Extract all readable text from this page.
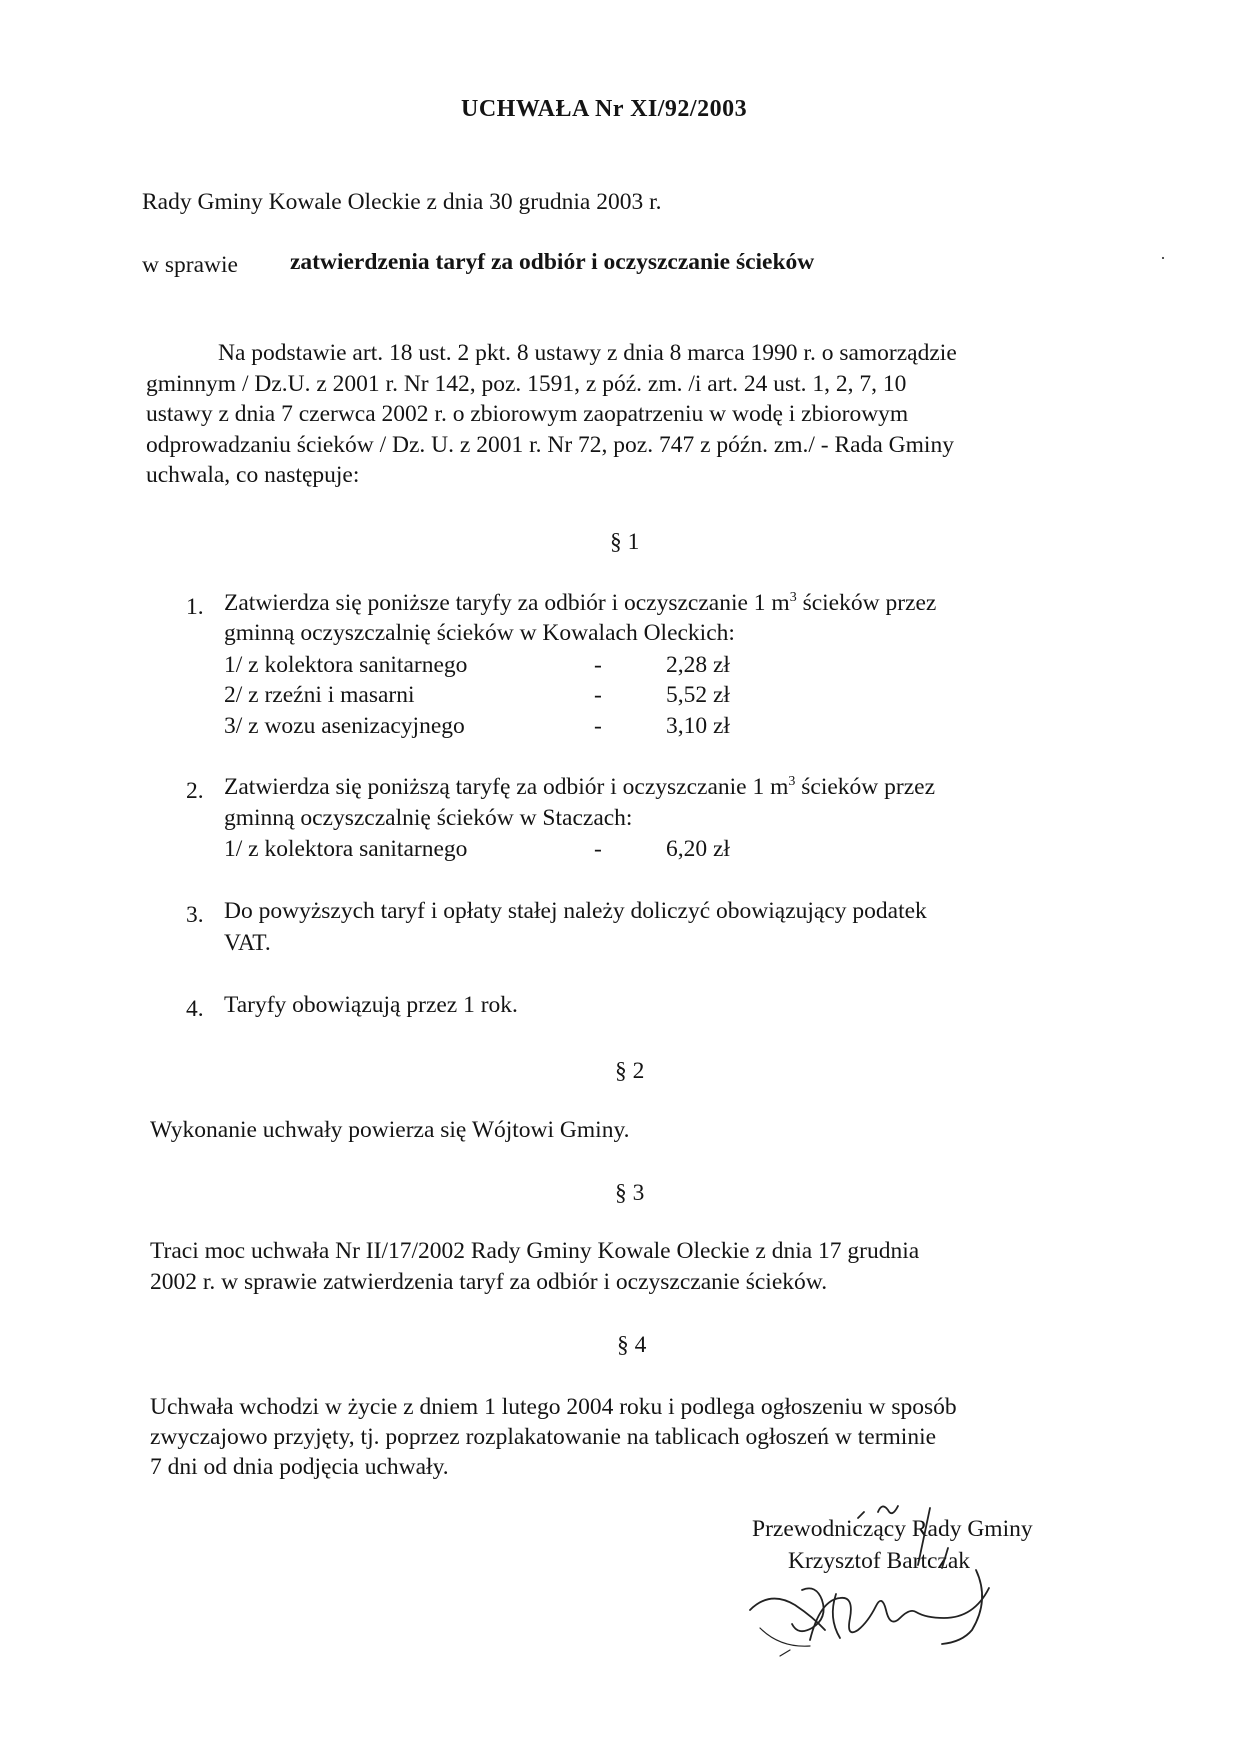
UCHWAŁA Nr XI/92/2003
Rady Gminy Kowale Oleckie z dnia 30 grudnia 2003 r.
w sprawie zatwierdzenia taryf za odbiór i oczyszczanie ścieków	·

Na podstawie art. 18 ust. 2 pkt. 8 ustawy z dnia 8 marca 1990 r. o samorządzie

gminnym / Dz.U. z 2001 r. Nr 142, poz. 1591, z póź. zm. /i art. 24 ust. 1, 2, 7, 10

ustawy z dnia 7 czerwca 2002 r. o zbiorowym zaopatrzeniu w wodę i zbiorowym

odprowadzaniu ścieków / Dz. U. z 2001 r. Nr 72, poz. 747 z późn. zm./ - Rada Gminy

uchwala, co następuje:

§ 1
1. Zatwierdza się poniższe taryfy za odbiór i oczyszczanie 1 $m^3$ ścieków przez
gminną oczyszczalnię ścieków w Kowalach Oleckich:
1/ z kolektora sanitarnego	-	2,28 zł
2/ z rzeźni i masarni	-	5,52 zł
3/ z wozu asenizacyjnego	-	3,10 zł
2. Zatwierdza się poniższą taryfę za odbiór i oczyszczanie 1 $m^3$ ścieków przez
gminną oczyszczalnię ścieków w Staczach:
1/ z kolektora sanitarnego	-	6,20 zł
3. Do powyższych taryf i opłaty stałej należy doliczyć obowiązujący podatek
VAT.
4. Taryfy obowiązują przez 1 rok.
§ 2
Wykonanie uchwały powierza się Wójtowi Gminy.
§ 3

Traci moc uchwała Nr II/17/2002 Rady Gminy Kowale Oleckie z dnia 17 grudnia

2002 r. w sprawie zatwierdzenia taryf za odbiór i oczyszczanie ścieków.

§ 4

Uchwała wchodzi w życie z dniem 1 lutego 2004 roku i podlega ogłoszeniu w sposób

zwyczajowo przyjęty, tj. poprzez rozplakatowanie na tablicach ogłoszeń w terminie

7 dni od dnia podjęcia uchwały.

Przewodniczący Rady Gminy
Krzysztof Bartczak
